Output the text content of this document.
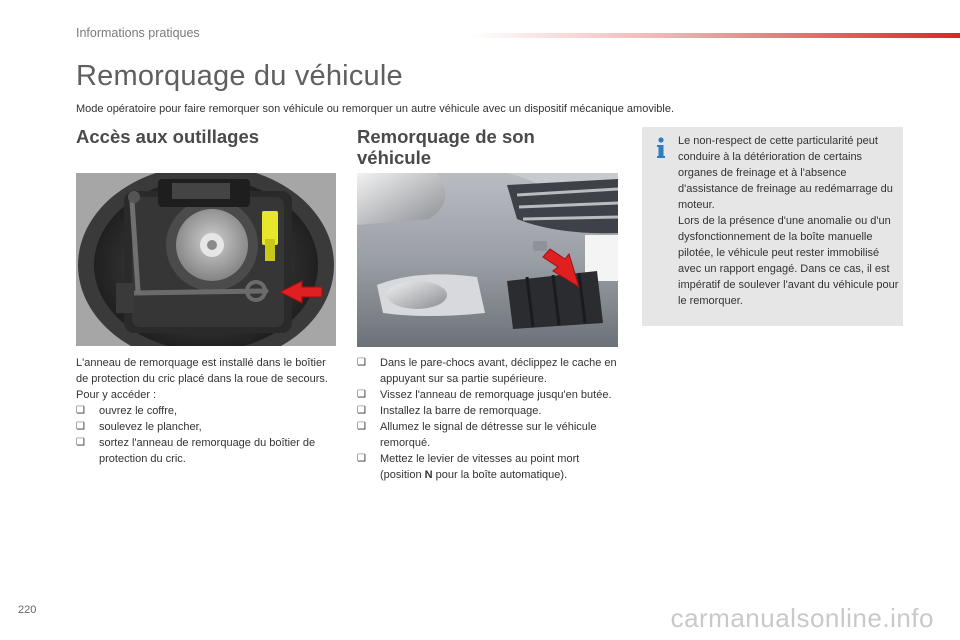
Informations pratiques
Remorquage du véhicule
Mode opératoire pour faire remorquer son véhicule ou remorquer un autre véhicule avec un dispositif mécanique amovible.
Accès aux outillages

L'anneau de remorquage est installé dans le boîtier de protection du cric placé dans la roue de secours.

Pour y accéder :

❑ ouvrez le coffre,
❑ soulevez le plancher,
❑ sortez l'anneau de remorquage du boîtier de protection du cric.
Remorquage de son véhicule
❑ Dans le pare-chocs avant, déclippez le cache en appuyant sur sa partie supérieure.
❑ Vissez l'anneau de remorquage jusqu'en butée.
❑ Installez la barre de remorquage.
❑ Allumez le signal de détresse sur le véhicule remorqué.
❑ Mettez le levier de vitesses au point mort (position N pour la boîte automatique).

Le non-respect de cette particularité peut conduire à la détérioration de certains organes de freinage et à l'absence d'assistance de freinage au redémarrage du moteur.

Lors de la présence d'une anomalie ou d'un dysfonctionnement de la boîte manuelle pilotée, le véhicule peut rester immobilisé avec un rapport engagé. Dans ce cas, il est impératif de soulever l'avant du véhicule pour le remorquer.

220	carmanualsonline.info
